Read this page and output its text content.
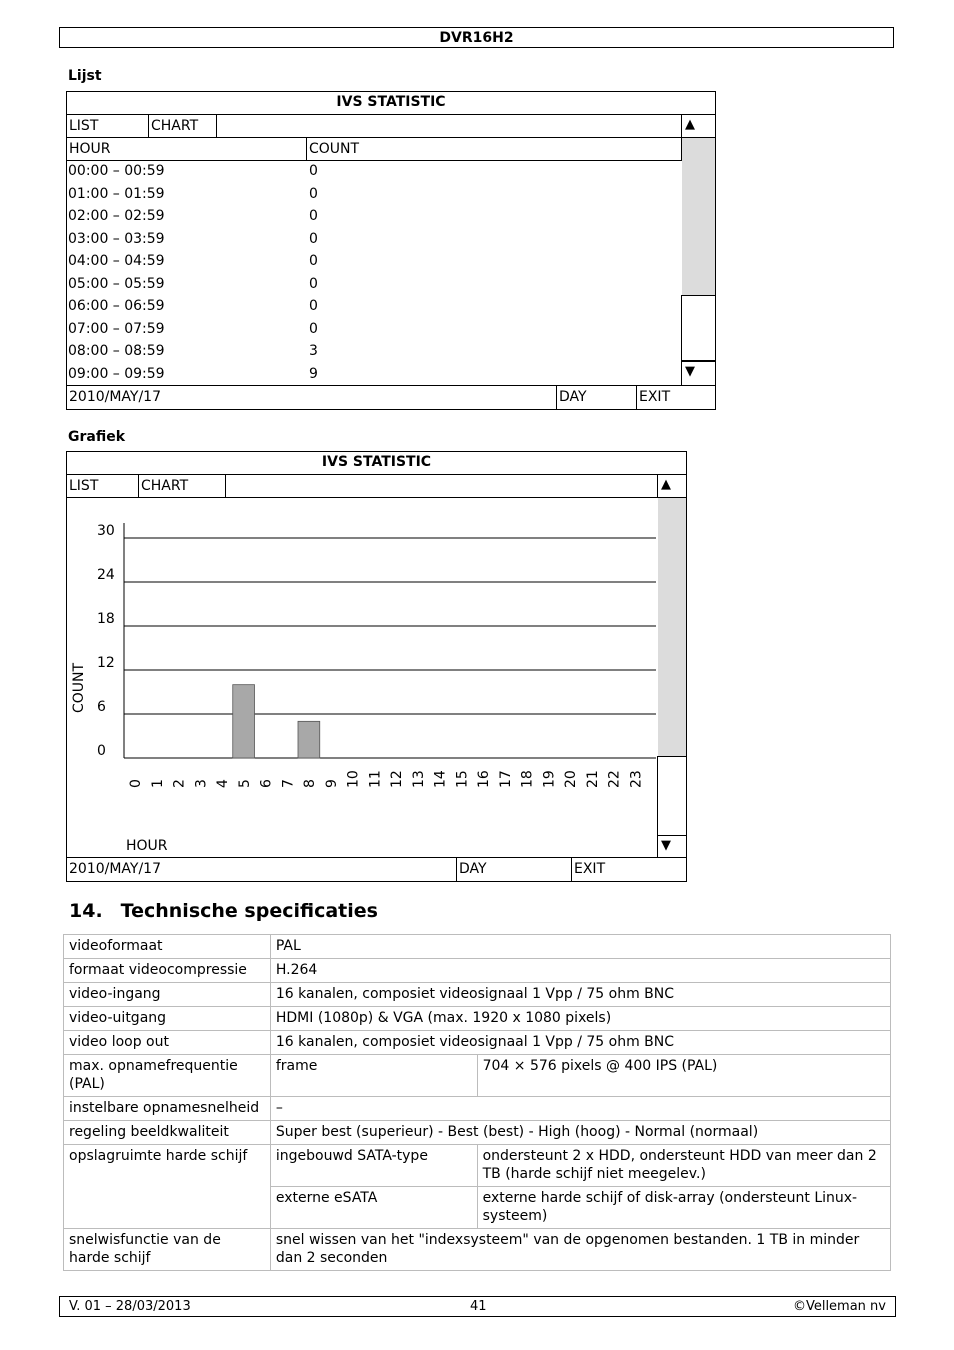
DVR16H2
Lijst
IVS STATISTIC
LIST	CHART	▲
HOUR	COUNT
▼
00:00 – 00:59	0
01:00 – 01:59	0
02:00 – 02:59	0
03:00 – 03:59	0
04:00 – 04:59	0
05:00 – 05:59	0
06:00 – 06:59	0
07:00 – 07:59	0
08:00 – 08:59	3
09:00 – 09:59	9
2010/MAY/17	DAY	EXIT
Grafiek
IVS STATISTIC
LIST	CHART	▲
▼
0
6
12
18
24
30
0 1 2 3 4 5 6 7 8 9 10 11 12 13 14 15 16 17 18 19 20 21 22 23
COUNT
HOUR
2010/MAY/17	DAY	EXIT
14. Technische specificaties
videoformaat	PAL	
formaat videocompressie	H.264	
video-ingang	16 kanalen, composiet videosignaal 1 Vpp / 75 ohm BNC	
video-uitgang	HDMI (1080p) & VGA (max. 1920 x 1080 pixels)	
video loop out	16 kanalen, composiet videosignaal 1 Vpp / 75 ohm BNC	
max. opnamefrequentie (PAL)	frame	704 × 576 pixels @ 400 IPS (PAL)
instelbare opnamesnelheid	–	
regeling beeldkwaliteit	Super best (superieur) - Best (best) - High (hoog) - Normal (normaal)	
opslagruimte harde schijf	ingebouwd SATA-type	ondersteunt 2 x HDD, ondersteunt HDD van meer dan 2 TB (harde schijf niet meegelev.)
	externe eSATA	externe harde schijf of disk-array (ondersteunt Linux-systeem)
snelwisfunctie van de harde schijf	snel wissen van het "indexsysteem" van de opgenomen bestanden. 1 TB in minder dan 2 seconden	
V. 01 – 28/03/2013	41	©Velleman nv
